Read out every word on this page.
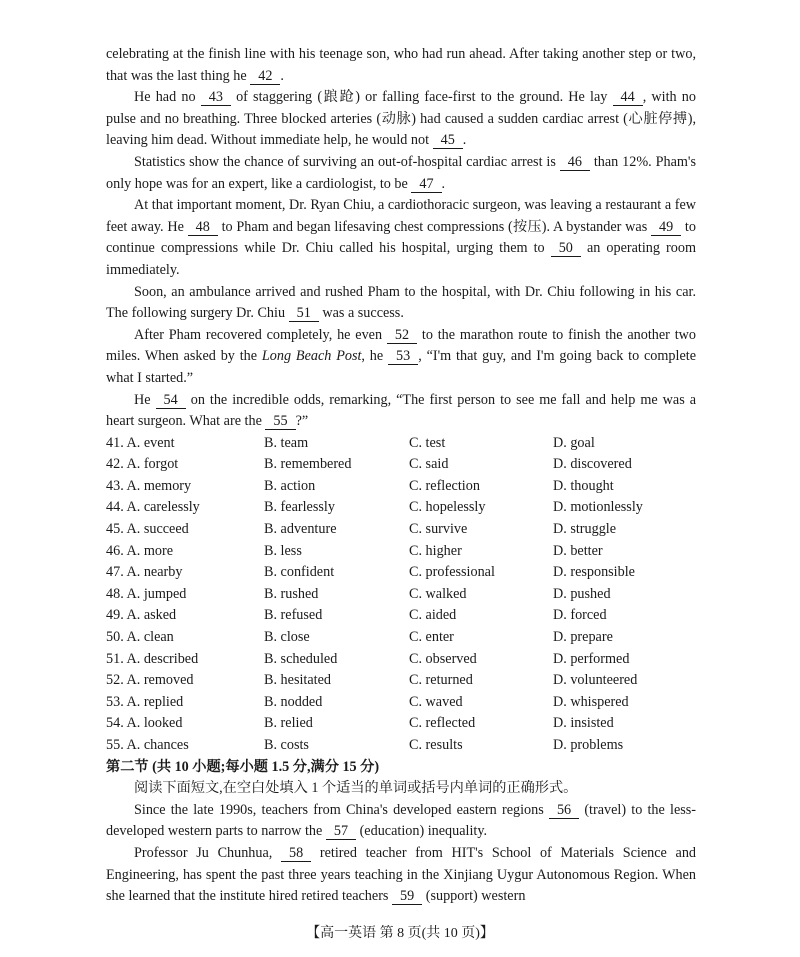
celebrating at the finish line with his teenage son, who had run ahead. After taking another step or two, that was the last thing he 42 .

He had no 43 of staggering (踉跄) or falling face-first to the ground. He lay 44 , with no pulse and no breathing. Three blocked arteries (动脉) had caused a sudden cardiac arrest (心脏停搏), leaving him dead. Without immediate help, he would not 45 .

Statistics show the chance of surviving an out-of-hospital cardiac arrest is 46 than 12%. Pham's only hope was for an expert, like a cardiologist, to be 47 .

At that important moment, Dr. Ryan Chiu, a cardiothoracic surgeon, was leaving a restaurant a few feet away. He 48 to Pham and began lifesaving chest compressions (按压). A bystander was 49 to continue compressions while Dr. Chiu called his hospital, urging them to 50 an operating room immediately.

Soon, an ambulance arrived and rushed Pham to the hospital, with Dr. Chiu following in his car. The following surgery Dr. Chiu 51 was a success.

After Pham recovered completely, he even 52 to the marathon route to finish the another two miles. When asked by the Long Beach Post, he 53 , “I'm that guy, and I'm going back to complete what I started.”

He 54 on the incredible odds, remarking, “The first person to see me fall and help me was a heart surgeon. What are the 55 ?”

41. A. event	B. team	C. test	D. goal
42. A. forgot	B. remembered	C. said	D. discovered
43. A. memory	B. action	C. reflection	D. thought
44. A. carelessly	B. fearlessly	C. hopelessly	D. motionlessly
45. A. succeed	B. adventure	C. survive	D. struggle
46. A. more	B. less	C. higher	D. better
47. A. nearby	B. confident	C. professional	D. responsible
48. A. jumped	B. rushed	C. walked	D. pushed
49. A. asked	B. refused	C. aided	D. forced
50. A. clean	B. close	C. enter	D. prepare
51. A. described	B. scheduled	C. observed	D. performed
52. A. removed	B. hesitated	C. returned	D. volunteered
53. A. replied	B. nodded	C. waved	D. whispered
54. A. looked	B. relied	C. reflected	D. insisted
55. A. chances	B. costs	C. results	D. problems

第二节 (共 10 小题;每小题 1.5 分,满分 15 分)

阅读下面短文,在空白处填入 1 个适当的单词或括号内单词的正确形式。

Since the late 1990s, teachers from China's developed eastern regions 56 (travel) to the less-developed western parts to narrow the 57 (education) inequality.

Professor Ju Chunhua, 58 retired teacher from HIT's School of Materials Science and Engineering, has spent the past three years teaching in the Xinjiang Uygur Autonomous Region. When she learned that the institute hired retired teachers 59 (support) western

【高一英语 第 8 页(共 10 页)】
